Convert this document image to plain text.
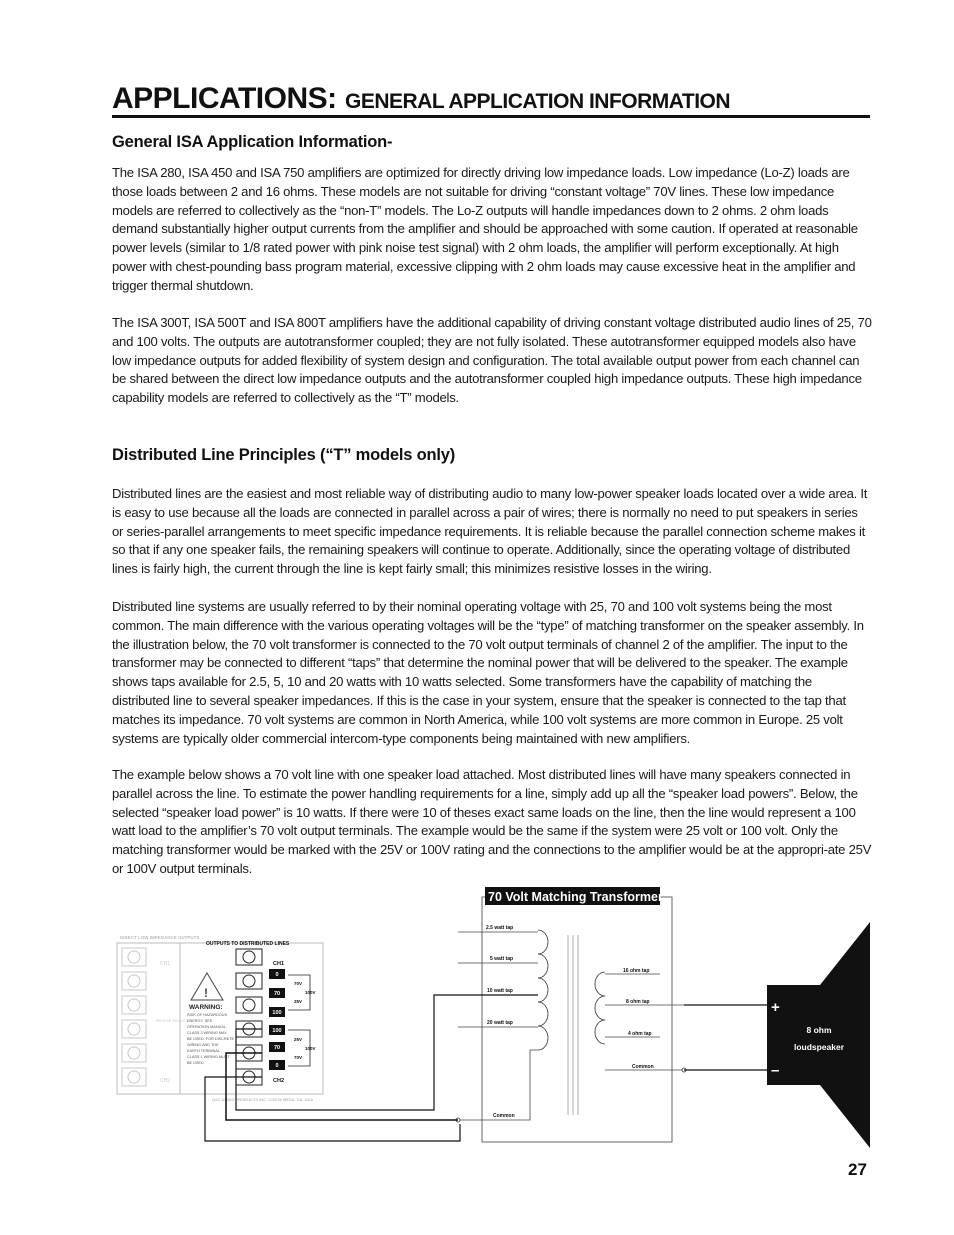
APPLICATIONS: GENERAL APPLICATION INFORMATION
General ISA Application Information-

The ISA 280, ISA 450 and ISA 750 amplifiers are optimized for directly driving low impedance loads. Low impedance (Lo-Z) loads are those loads between 2 and 16 ohms. These models are not suitable for driving “constant voltage” 70V lines. These low impedance models are referred to collectively as the “non-T” models. The Lo-Z outputs will handle impedances down to 2 ohms. 2 ohm loads demand substantially higher output currents from the amplifier and should be approached with some caution. If operated at reasonable power levels (similar to 1/8 rated power with pink noise test signal) with 2 ohm loads, the amplifier will perform exceptionally. At high power with chest-pounding bass program material, excessive clipping with 2 ohm loads may cause excessive heat in the amplifier and trigger thermal shutdown.

The ISA 300T, ISA 500T and ISA 800T amplifiers have the additional capability of driving constant voltage distributed audio lines of 25, 70 and 100 volts. The outputs are autotransformer coupled; they are not fully isolated. These autotransformer equipped models also have low impedance outputs for added flexibility of system design and configuration. The total available output power from each channel can be shared between the direct low impedance outputs and the autotransformer coupled high impedance outputs. These high impedance capability models are referred to collectively as the “T” models.

Distributed Line Principles (“T” models only)

Distributed lines are the easiest and most reliable way of distributing audio to many low-power speaker loads located over a wide area. It is easy to use because all the loads are connected in parallel across a pair of wires; there is normally no need to put speakers in series or series-parallel arrangements to meet specific impedance requirements. It is reliable because the parallel connection scheme makes it so that if any one speaker fails, the remaining speakers will continue to operate. Additionally, since the operating voltage of distributed lines is fairly high, the current through the line is kept fairly small; this minimizes resistive losses in the wiring.

Distributed line systems are usually referred to by their nominal operating voltage with 25, 70 and 100 volt systems being the most common. The main difference with the various operating voltages will be the “type” of matching transformer on the speaker assembly. In the illustration below, the 70 volt transformer is connected to the 70 volt output terminals of channel 2 of the amplifier. The input to the transformer may be connected to different “taps” that determine the nominal power that will be delivered to the speaker. The example shows taps available for 2.5, 5, 10 and 20 watts with 10 watts selected. Some transformers have the capability of matching the distributed line to several speaker impedances. If this is the case in your system, ensure that the speaker is connected to the tap that matches its impedance. 70 volt systems are common in North America, while 100 volt systems are more common in Europe. 25 volt systems are typically older commercial intercom-type components being maintained with new amplifiers.

The example below shows a 70 volt line with one speaker load attached. Most distributed lines will have many speakers connected in parallel across the line. To estimate the power handling requirements for a line, simply add up all the “speaker load powers”. Below, the selected “speaker load power” is 10 watts. If there were 10 of theses exact same loads on the line, then the line would represent a 100 watt load to the amplifier’s 70 volt output terminals. The example would be the same if the system were 25 volt or 100 volt. Only the matching transformer would be marked with the 25V or 100V rating and the connections to the amplifier would be at the appropri-ate 25V or 100V output terminals.

DIRECT LOW IMPEDANCE OUTPUTS
OUTPUTS TO DISTRIBUTED LINES
CH1
CH2
BRIDGE MONO
!
WARNING:
RISK OF HAZARDOUS
ENERGY. SEE
OPERATION MANUAL.
CLASS 3 WIRING MAY
BE USED. FOR DISCRETE
WIRING AND THE
EARTH TERMINAL
CLASS 1 WIRING MUST
BE USED.
0
70
100
100
70
0
CH1
CH2
70V
100V
25V
25V
100V
70V
QSC AUDIO PRODUCTS INC. COSTA MESA, CA. USA
70 Volt Matching Transformer
2.5 watt tap
5 watt tap
10 watt tap
20 watt tap
Common
16 ohm tap
8 ohm tap
4 ohm tap
Common
+
–
8 ohm
loudspeaker
27
